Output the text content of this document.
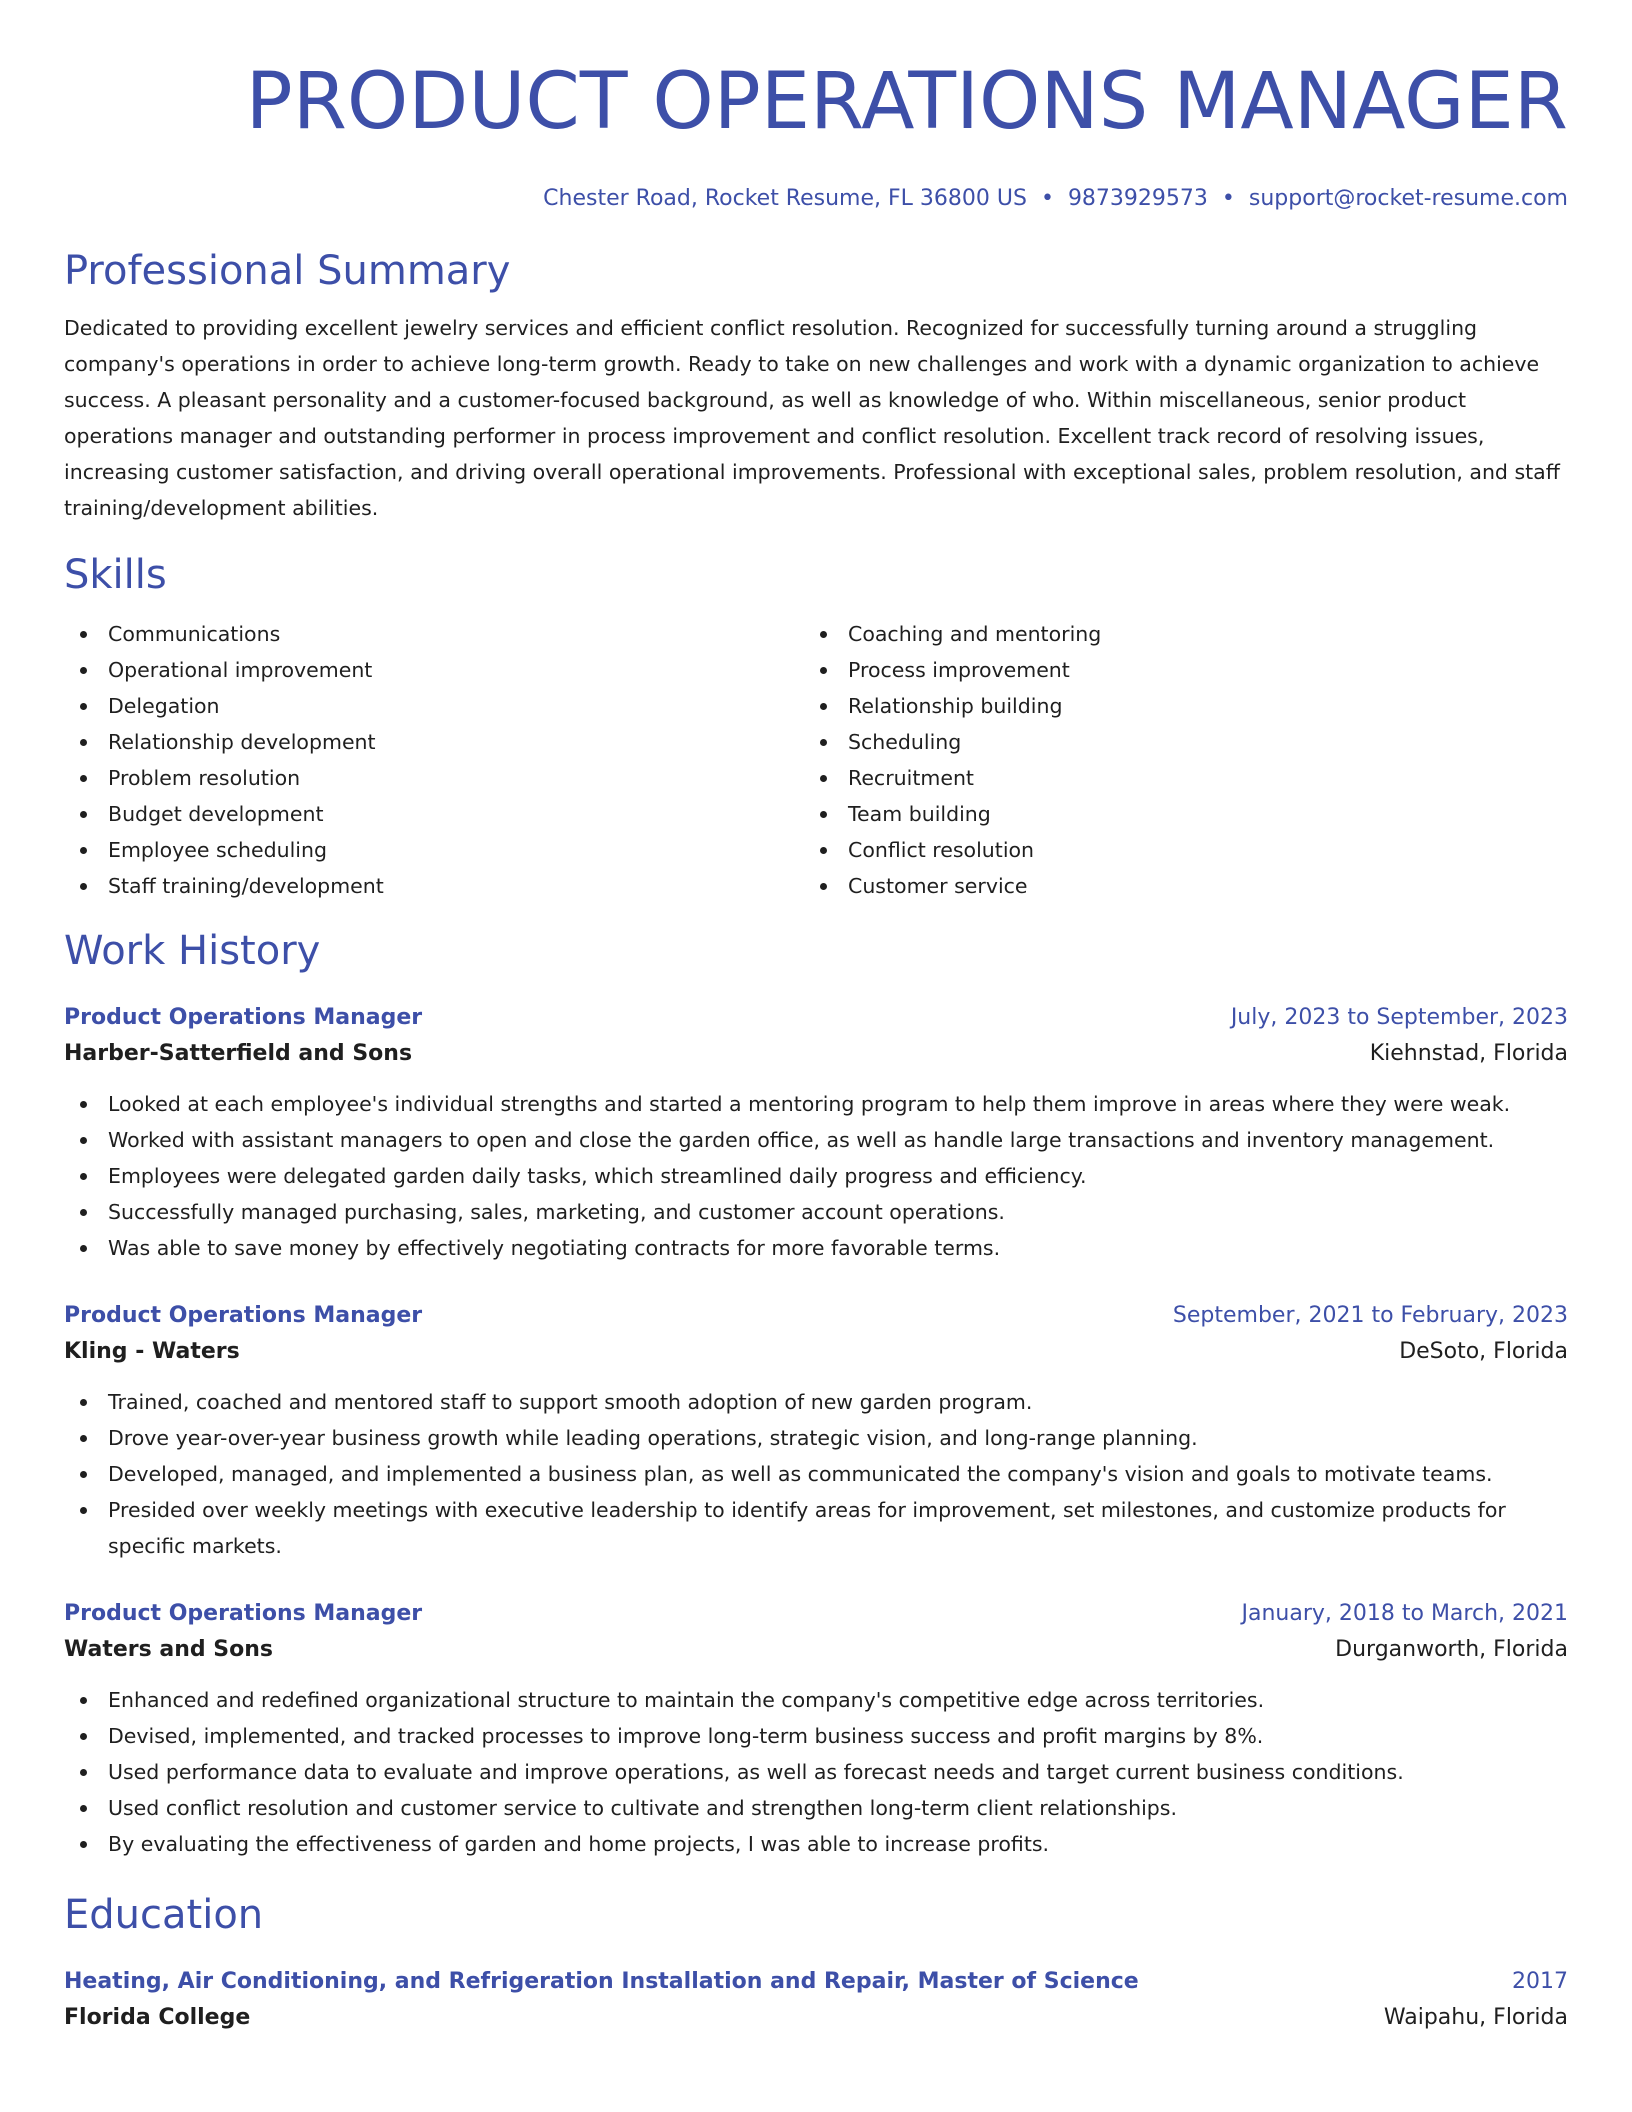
PRODUCT OPERATIONS MANAGER
Chester Road, Rocket Resume, FL 36800 US • 9873929573 • support@rocket-resume.com
Professional Summary

Dedicated to providing excellent jewelry services and efficient conflict resolution. Recognized for successfully turning around a struggling company's operations in order to achieve long-term growth. Ready to take on new challenges and work with a dynamic organization to achieve success. A pleasant personality and a customer-focused background, as well as knowledge of who. Within miscellaneous, senior product operations manager and outstanding performer in process improvement and conflict resolution. Excellent track record of resolving issues, increasing customer satisfaction, and driving overall operational improvements. Professional with exceptional sales, problem resolution, and staff training/development abilities.

Skills
Communications
Operational improvement
Delegation
Relationship development
Problem resolution
Budget development
Employee scheduling
Staff training/development
Coaching and mentoring
Process improvement
Relationship building
Scheduling
Recruitment
Team building
Conflict resolution
Customer service
Work History
Product Operations Manager	July, 2023 to September, 2023
Harber-Satterfield and Sons	Kiehnstad, Florida
Looked at each employee's individual strengths and started a mentoring program to help them improve in areas where they were weak.
Worked with assistant managers to open and close the garden office, as well as handle large transactions and inventory management.
Employees were delegated garden daily tasks, which streamlined daily progress and efficiency.
Successfully managed purchasing, sales, marketing, and customer account operations.
Was able to save money by effectively negotiating contracts for more favorable terms.
Product Operations Manager	September, 2021 to February, 2023
Kling - Waters	DeSoto, Florida
Trained, coached and mentored staff to support smooth adoption of new garden program.
Drove year-over-year business growth while leading operations, strategic vision, and long-range planning.
Developed, managed, and implemented a business plan, as well as communicated the company's vision and goals to motivate teams.
Presided over weekly meetings with executive leadership to identify areas for improvement, set milestones, and customize products for specific markets.
Product Operations Manager	January, 2018 to March, 2021
Waters and Sons	Durganworth, Florida
Enhanced and redefined organizational structure to maintain the company's competitive edge across territories.
Devised, implemented, and tracked processes to improve long-term business success and profit margins by 8%.
Used performance data to evaluate and improve operations, as well as forecast needs and target current business conditions.
Used conflict resolution and customer service to cultivate and strengthen long-term client relationships.
By evaluating the effectiveness of garden and home projects, I was able to increase profits.
Education
Heating, Air Conditioning, and Refrigeration Installation and Repair, Master of Science	2017
Florida College	Waipahu, Florida
